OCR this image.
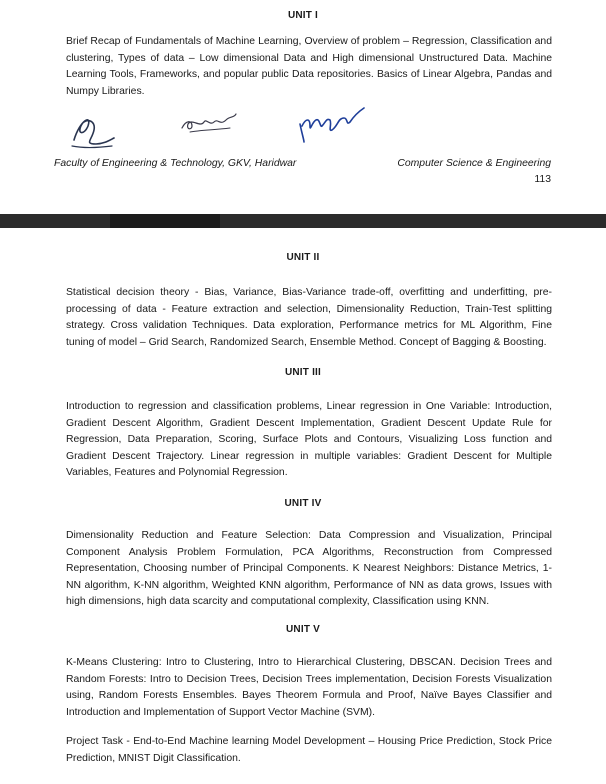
UNIT I

Brief Recap of Fundamentals of Machine Learning, Overview of problem – Regression, Classification and clustering, Types of data – Low dimensional Data and High dimensional Unstructured Data. Machine Learning Tools, Frameworks, and popular public Data repositories. Basics of Linear Algebra, Pandas and Numpy Libraries.

Faculty of Engineering & Technology, GKV, Haridwar	Computer Science & Engineering

113

UNIT II

Statistical decision theory - Bias, Variance, Bias-Variance trade-off, overfitting and underfitting, pre-processing of data - Feature extraction and selection, Dimensionality Reduction, Train-Test splitting strategy. Cross validation Techniques. Data exploration, Performance metrics for ML Algorithm, Fine tuning of model – Grid Search, Randomized Search, Ensemble Method. Concept of Bagging & Boosting.

UNIT III

Introduction to regression and classification problems, Linear regression in One Variable: Introduction, Gradient Descent Algorithm, Gradient Descent Implementation, Gradient Descent Update Rule for Regression, Data Preparation, Scoring, Surface Plots and Contours, Visualizing Loss function and Gradient Descent Trajectory. Linear regression in multiple variables: Gradient Descent for Multiple Variables, Features and Polynomial Regression.

UNIT IV

Dimensionality Reduction and Feature Selection: Data Compression and Visualization, Principal Component Analysis Problem Formulation, PCA Algorithms, Reconstruction from Compressed Representation, Choosing number of Principal Components. K Nearest Neighbors: Distance Metrics, 1-NN algorithm, K-NN algorithm, Weighted KNN algorithm, Performance of NN as data grows, Issues with high dimensions, high data scarcity and computational complexity, Classification using KNN.

UNIT V

K-Means Clustering: Intro to Clustering, Intro to Hierarchical Clustering, DBSCAN. Decision Trees and Random Forests: Intro to Decision Trees, Decision Trees implementation, Decision Forests Visualization using, Random Forests Ensembles. Bayes Theorem Formula and Proof, Naïve Bayes Classifier and Introduction and Implementation of Support Vector Machine (SVM).

Project Task - End-to-End Machine learning Model Development – Housing Price Prediction, Stock Price Prediction, MNIST Digit Classification.
